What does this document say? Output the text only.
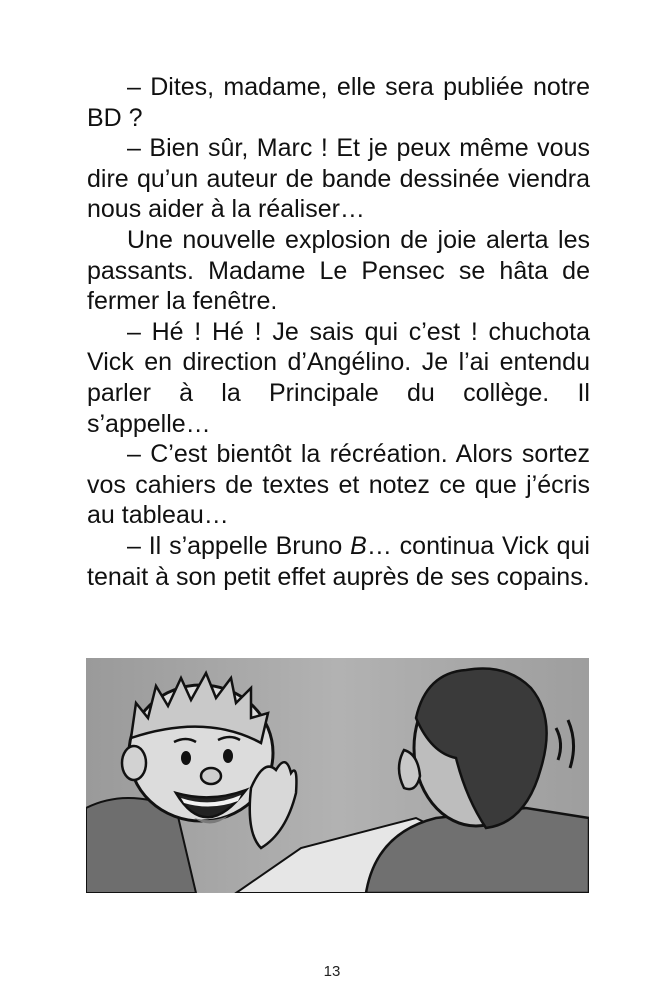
– Dites, madame, elle sera publiée notre BD ?

– Bien sûr, Marc ! Et je peux même vous dire qu’un auteur de bande dessinée viendra nous aider à la réaliser…

Une nouvelle explosion de joie alerta les passants. Madame Le Pensec se hâta de fermer la fenêtre.

– Hé ! Hé ! Je sais qui c’est ! chuchota Vick en direction d’Angélino. Je l’ai entendu parler à la Principale du collège. Il s’appelle…

– C’est bientôt la récréation. Alors sortez vos cahiers de textes et notez ce que j’écris au tableau…

– Il s’appelle Bruno B… continua Vick qui tenait à son petit effet auprès de ses copains.

13
